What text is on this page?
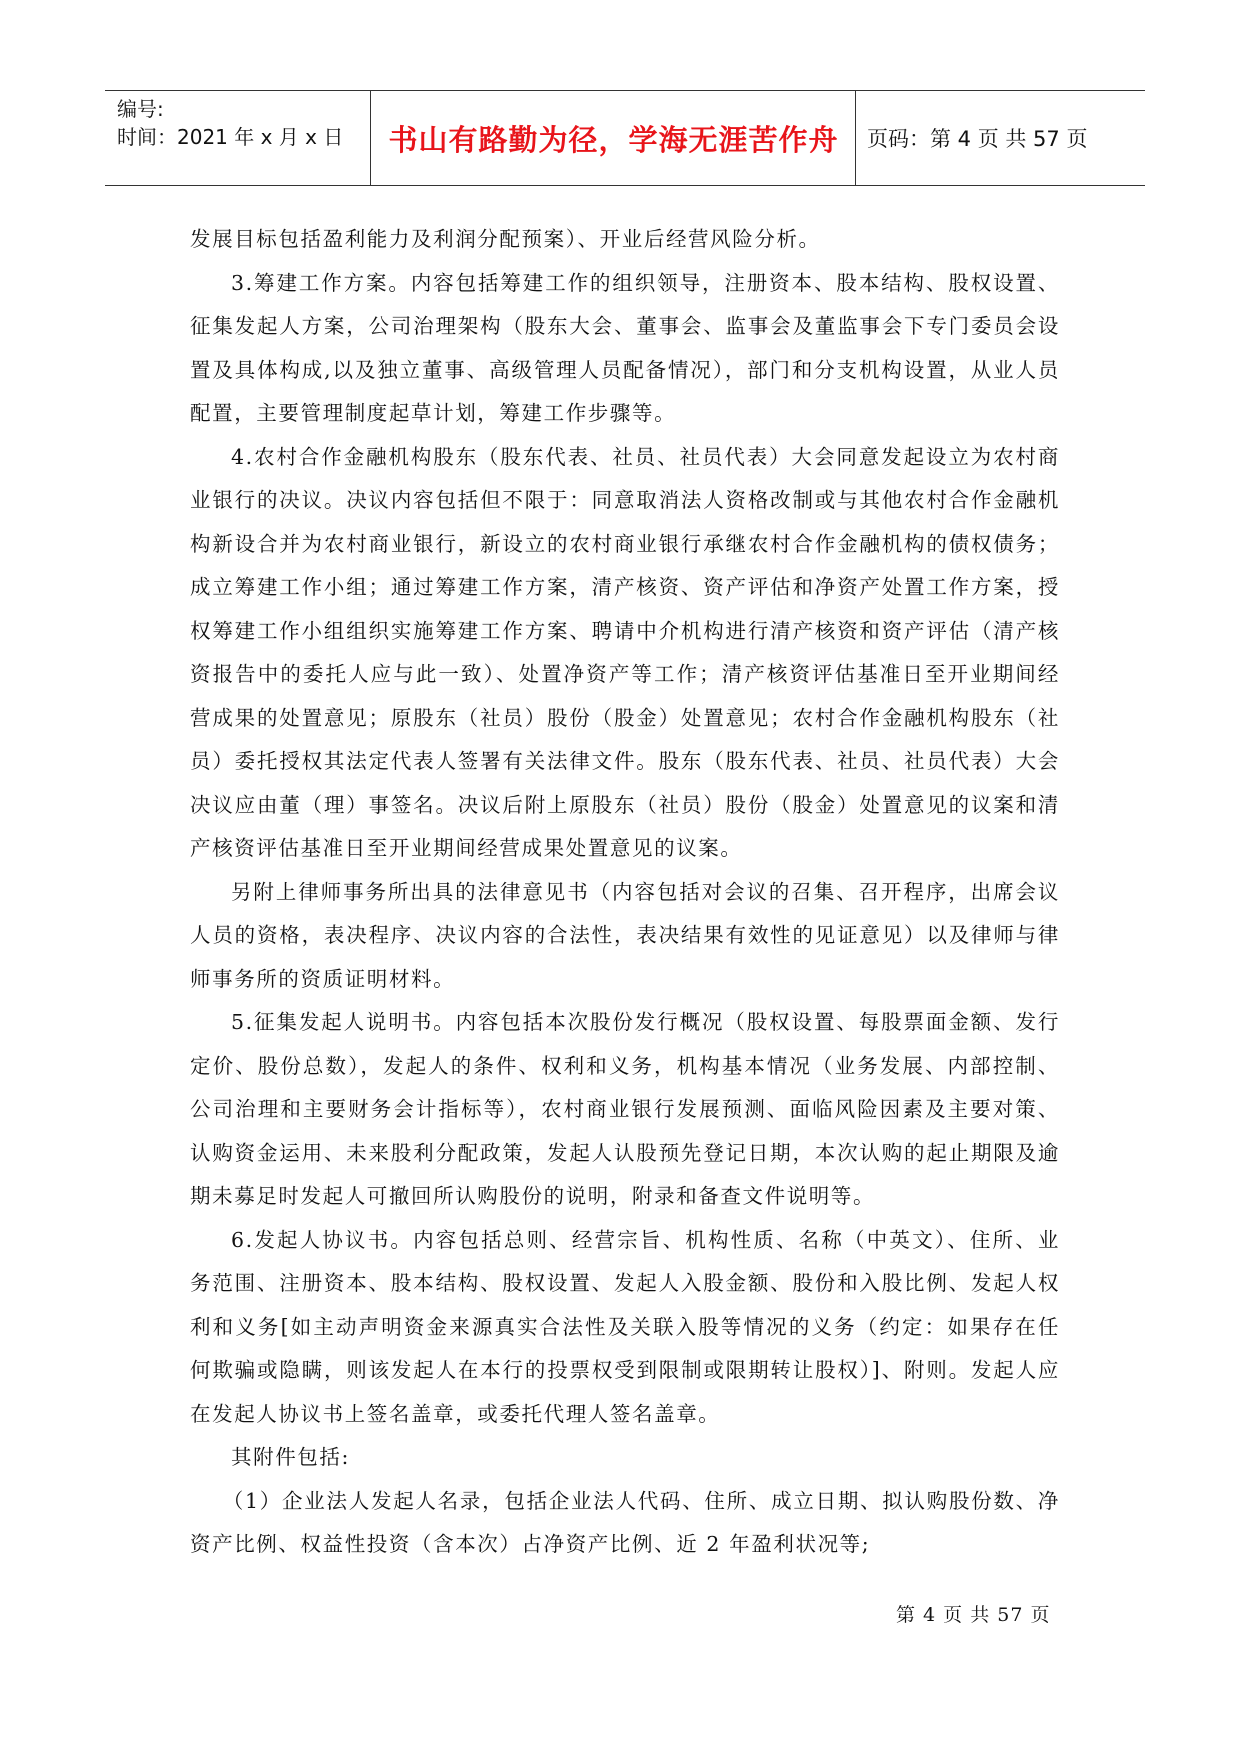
编号:
时间：2021 年 x 月 x 日	书山有路勤为径，学海无涯苦作舟	页码：第 4 页 共 57 页

发展目标包括盈利能力及利润分配预案）、开业后经营风险分析。

3.筹建工作方案。内容包括筹建工作的组织领导，注册资本、股本结构、股权设置、征集发起人方案，公司治理架构（股东大会、董事会、监事会及董监事会下专门委员会设置及具体构成,以及独立董事、高级管理人员配备情况），部门和分支机构设置，从业人员配置，主要管理制度起草计划，筹建工作步骤等。

4.农村合作金融机构股东（股东代表、社员、社员代表）大会同意发起设立为农村商业银行的决议。决议内容包括但不限于：同意取消法人资格改制或与其他农村合作金融机构新设合并为农村商业银行，新设立的农村商业银行承继农村合作金融机构的债权债务；成立筹建工作小组；通过筹建工作方案，清产核资、资产评估和净资产处置工作方案，授权筹建工作小组组织实施筹建工作方案、聘请中介机构进行清产核资和资产评估（清产核资报告中的委托人应与此一致）、处置净资产等工作；清产核资评估基准日至开业期间经营成果的处置意见；原股东（社员）股份（股金）处置意见；农村合作金融机构股东（社员）委托授权其法定代表人签署有关法律文件。股东（股东代表、社员、社员代表）大会决议应由董（理）事签名。决议后附上原股东（社员）股份（股金）处置意见的议案和清产核资评估基准日至开业期间经营成果处置意见的议案。

另附上律师事务所出具的法律意见书（内容包括对会议的召集、召开程序，出席会议人员的资格，表决程序、决议内容的合法性，表决结果有效性的见证意见）以及律师与律师事务所的资质证明材料。

5.征集发起人说明书。内容包括本次股份发行概况（股权设置、每股票面金额、发行定价、股份总数），发起人的条件、权利和义务，机构基本情况（业务发展、内部控制、公司治理和主要财务会计指标等），农村商业银行发展预测、面临风险因素及主要对策、认购资金运用、未来股利分配政策，发起人认股预先登记日期，本次认购的起止期限及逾期未募足时发起人可撤回所认购股份的说明，附录和备查文件说明等。

6.发起人协议书。内容包括总则、经营宗旨、机构性质、名称（中英文）、住所、业务范围、注册资本、股本结构、股权设置、发起人入股金额、股份和入股比例、发起人权利和义务[如主动声明资金来源真实合法性及关联入股等情况的义务（约定：如果存在任何欺骗或隐瞒，则该发起人在本行的投票权受到限制或限期转让股权）]、附则。发起人应在发起人协议书上签名盖章，或委托代理人签名盖章。

其附件包括:

（1）企业法人发起人名录，包括企业法人代码、住所、成立日期、拟认购股份数、净资产比例、权益性投资（含本次）占净资产比例、近 2 年盈利状况等;

第 4 页 共 57 页
